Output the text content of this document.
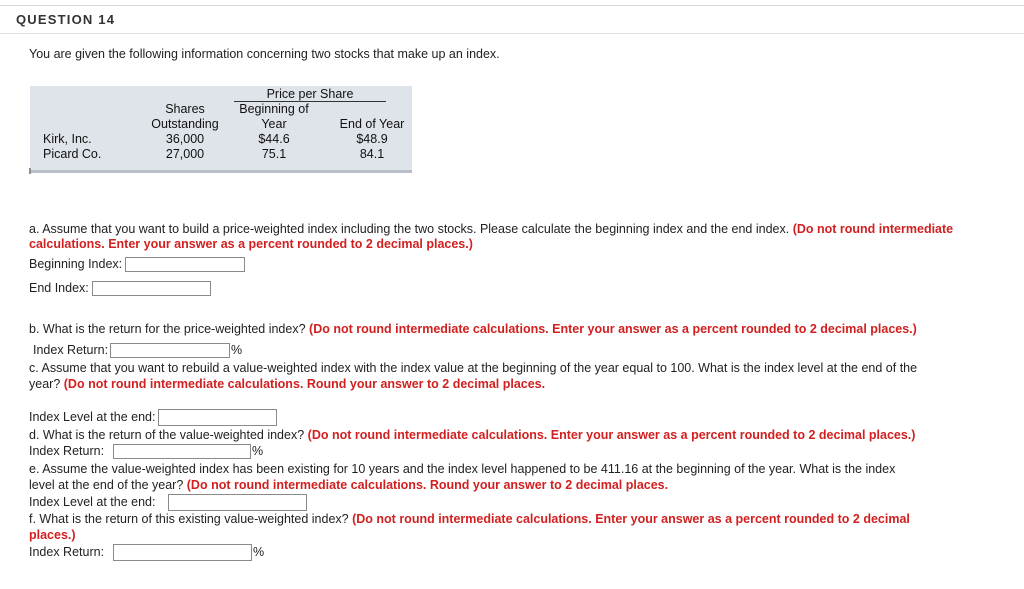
QUESTION 14
You are given the following information concerning two stocks that make up an index.
Price per Share
Shares
Outstanding
Beginning of
Year	End of Year
Kirk, Inc.	36,000	$44.6	$48.9
Picard Co.	27,000	75.1	84.1
a. Assume that you want to build a price-weighted index including the two stocks. Please calculate the beginning index and the end index. (Do not round intermediate
calculations. Enter your answer as a percent rounded to 2 decimal places.)
Beginning Index:
End Index:
b. What is the return for the price-weighted index? (Do not round intermediate calculations. Enter your answer as a percent rounded to 2 decimal places.)
Index Return:	%
c. Assume that you want to rebuild a value-weighted index with the index value at the beginning of the year equal to 100. What is the index level at the end of the
year? (Do not round intermediate calculations. Round your answer to 2 decimal places.
Index Level at the end:
d. What is the return of the value-weighted index? (Do not round intermediate calculations. Enter your answer as a percent rounded to 2 decimal places.)
Index Return:	%
e. Assume the value-weighted index has been existing for 10 years and the index level happened to be 411.16 at the beginning of the year. What is the index
level at the end of the year? (Do not round intermediate calculations. Round your answer to 2 decimal places.
Index Level at the end:
f. What is the return of this existing value-weighted index? (Do not round intermediate calculations. Enter your answer as a percent rounded to 2 decimal
places.)
Index Return:	%
